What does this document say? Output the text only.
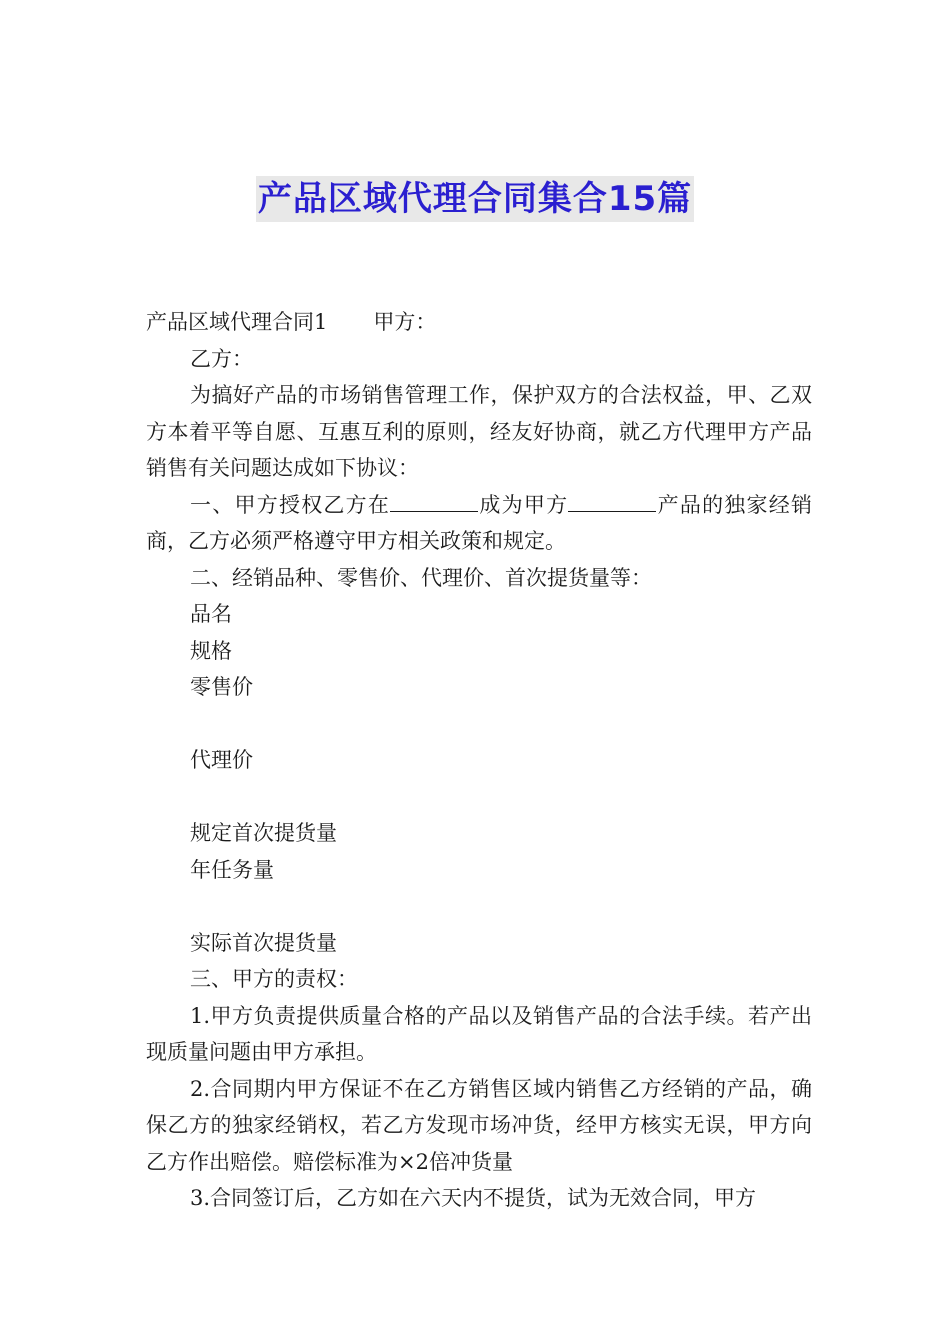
产品区域代理合同集合15篇
产品区域代理合同1 甲方：
乙方：
为搞好产品的市场销售管理工作，保护双方的合法权益，甲、乙双方本着平等自愿、互惠互利的原则，经友好协商，就乙方代理甲方产品销售有关问题达成如下协议：
一、甲方授权乙方在	成为甲方	产品的独家经销商，乙方必须严格遵守甲方相关政策和规定。
二、经销品种、零售价、代理价、首次提货量等：
品名
规格
零售价
代理价
规定首次提货量
年任务量
实际首次提货量
三、甲方的责权：
1.甲方负责提供质量合格的产品以及销售产品的合法手续。若产出现质量问题由甲方承担。
2.合同期内甲方保证不在乙方销售区域内销售乙方经销的产品，确保乙方的独家经销权，若乙方发现市场冲货，经甲方核实无误，甲方向乙方作出赔偿。赔偿标准为×2倍冲货量
3.合同签订后，乙方如在六天内不提货，试为无效合同，甲方
